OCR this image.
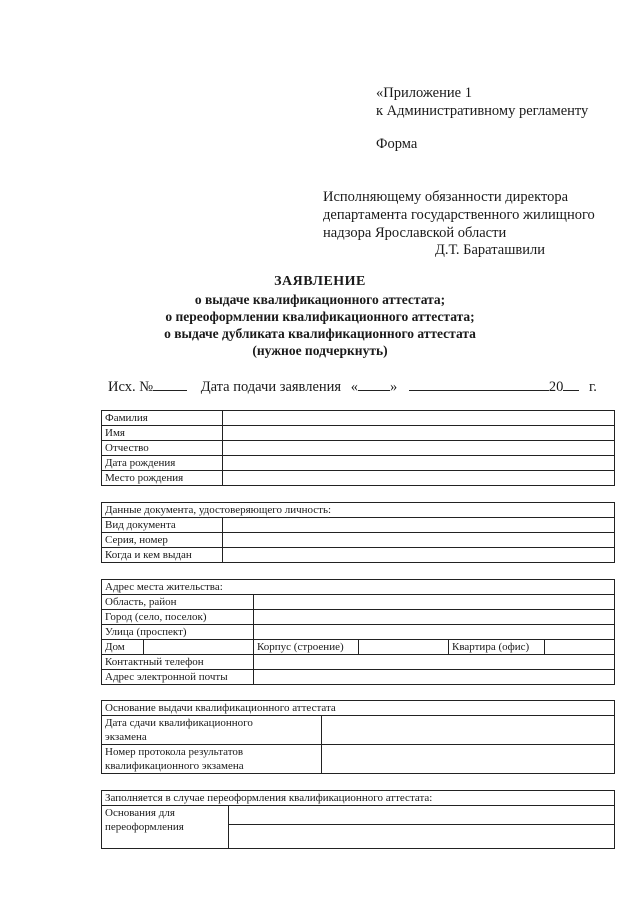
«Приложение 1
к Административному регламенту
Форма
Исполняющему обязанности директора
департамента государственного жилищного
надзора Ярославской области
Д.Т. Бараташвили
ЗАЯВЛЕНИЕ
о выдаче квалификационного аттестата;
о переоформлении квалификационного аттестата;
о выдаче дубликата квалификационного аттестата
(нужное подчеркнуть)
Исх. №	Дата подачи заявления « »	20 г.
Фамилия	
Имя	
Отчество	
Дата рождения	
Место рождения	
Данные документа, удостоверяющего личность:	
Вид документа	
Серия, номер	
Когда и кем выдан	
Адрес места жительства:					
Область, район					
Город (село, поселок)					
Улица (проспект)					
Дом		Корпус (строение)		Квартира (офис)	
Контактный телефон					
Адрес электронной почты					
Основание выдачи квалификационного аттестата	

Дата сдачи квалификационного
экзамена	

Номер протокола результатов
квалификационного экзамена	

Заполняется в случае переоформления квалификационного аттестата:

Основания для
переоформления
